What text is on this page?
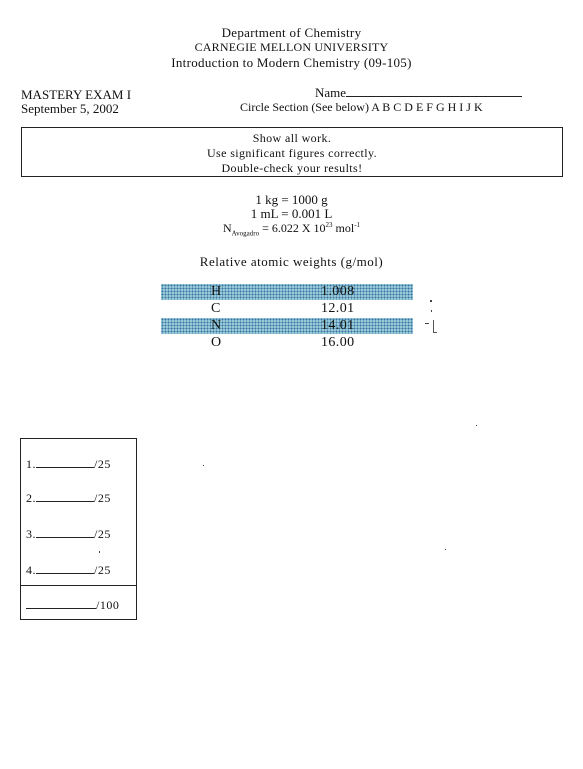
Department of Chemistry
CARNEGIE MELLON UNIVERSITY
Introduction to Modern Chemistry (09-105)
MASTERY EXAM I
September 5, 2002
Name
Circle Section (See below) A B C D E F G H I J K
Show all work.
Use significant figures correctly.
Double-check your results!
1 kg = 1000 g
1 mL = 0.001 L
$N_{Avogadro} = 6.022$ X $10^{23}$ mol$^{-1}$
Relative atomic weights (g/mol)
H	1.008
C	12.01
N	14.01
O	16.00
1.	/25
2.	/25
3.	/25
4.	/25
/100
